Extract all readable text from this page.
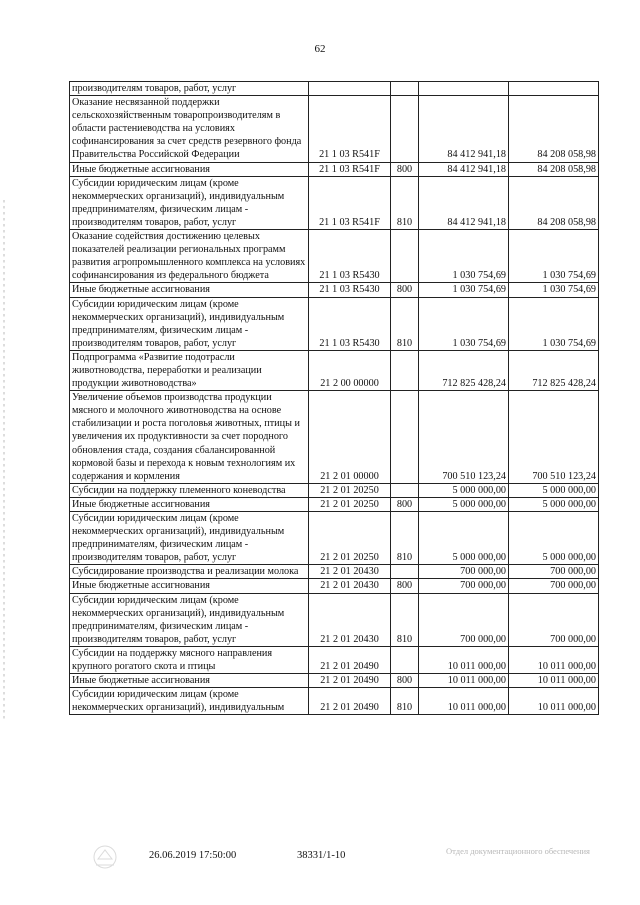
62
производителям товаров, работ, услуг				
Оказание несвязанной поддержки сельскохозяйственным товаропроизводителям в области растениеводства на условиях софинансирования за счет средств резервного фонда Правительства Российской Федерации	21 1 03 R541F		84 412 941,18	84 208 058,98
Иные бюджетные ассигнования	21 1 03 R541F	800	84 412 941,18	84 208 058,98
Субсидии юридическим лицам (кроме некоммерческих организаций), индивидуальным предпринимателям, физическим лицам - производителям товаров, работ, услуг	21 1 03 R541F	810	84 412 941,18	84 208 058,98
Оказание содействия достижению целевых показателей реализации региональных программ развития агропромышленного комплекса на условиях софинансирования из федерального бюджета	21 1 03 R5430		1 030 754,69	1 030 754,69
Иные бюджетные ассигнования	21 1 03 R5430	800	1 030 754,69	1 030 754,69
Субсидии юридическим лицам (кроме некоммерческих организаций), индивидуальным предпринимателям, физическим лицам - производителям товаров, работ, услуг	21 1 03 R5430	810	1 030 754,69	1 030 754,69
Подпрограмма «Развитие подотрасли животноводства, переработки и реализации продукции животноводства»	21 2 00 00000		712 825 428,24	712 825 428,24
Увеличение объемов производства продукции мясного и молочного животноводства на основе стабилизации и роста поголовья животных, птицы и увеличения их продуктивности за счет породного обновления стада, создания сбалансированной кормовой базы и перехода к новым технологиям их содержания и кормления	21 2 01 00000		700 510 123,24	700 510 123,24
Субсидии на поддержку племенного коневодства	21 2 01 20250		5 000 000,00	5 000 000,00
Иные бюджетные ассигнования	21 2 01 20250	800	5 000 000,00	5 000 000,00
Субсидии юридическим лицам (кроме некоммерческих организаций), индивидуальным предпринимателям, физическим лицам - производителям товаров, работ, услуг	21 2 01 20250	810	5 000 000,00	5 000 000,00
Субсидирование производства и реализации молока	21 2 01 20430		700 000,00	700 000,00
Иные бюджетные ассигнования	21 2 01 20430	800	700 000,00	700 000,00
Субсидии юридическим лицам (кроме некоммерческих организаций), индивидуальным предпринимателям, физическим лицам - производителям товаров, работ, услуг	21 2 01 20430	810	700 000,00	700 000,00
Субсидии на поддержку мясного направления крупного рогатого скота и птицы	21 2 01 20490		10 011 000,00	10 011 000,00
Иные бюджетные ассигнования	21 2 01 20490	800	10 011 000,00	10 011 000,00
Субсидии юридическим лицам (кроме некоммерческих организаций), индивидуальным	21 2 01 20490	810	10 011 000,00	10 011 000,00
26.06.2019 17:50:00	38331/1-10	Отдел документационного обеспечения
